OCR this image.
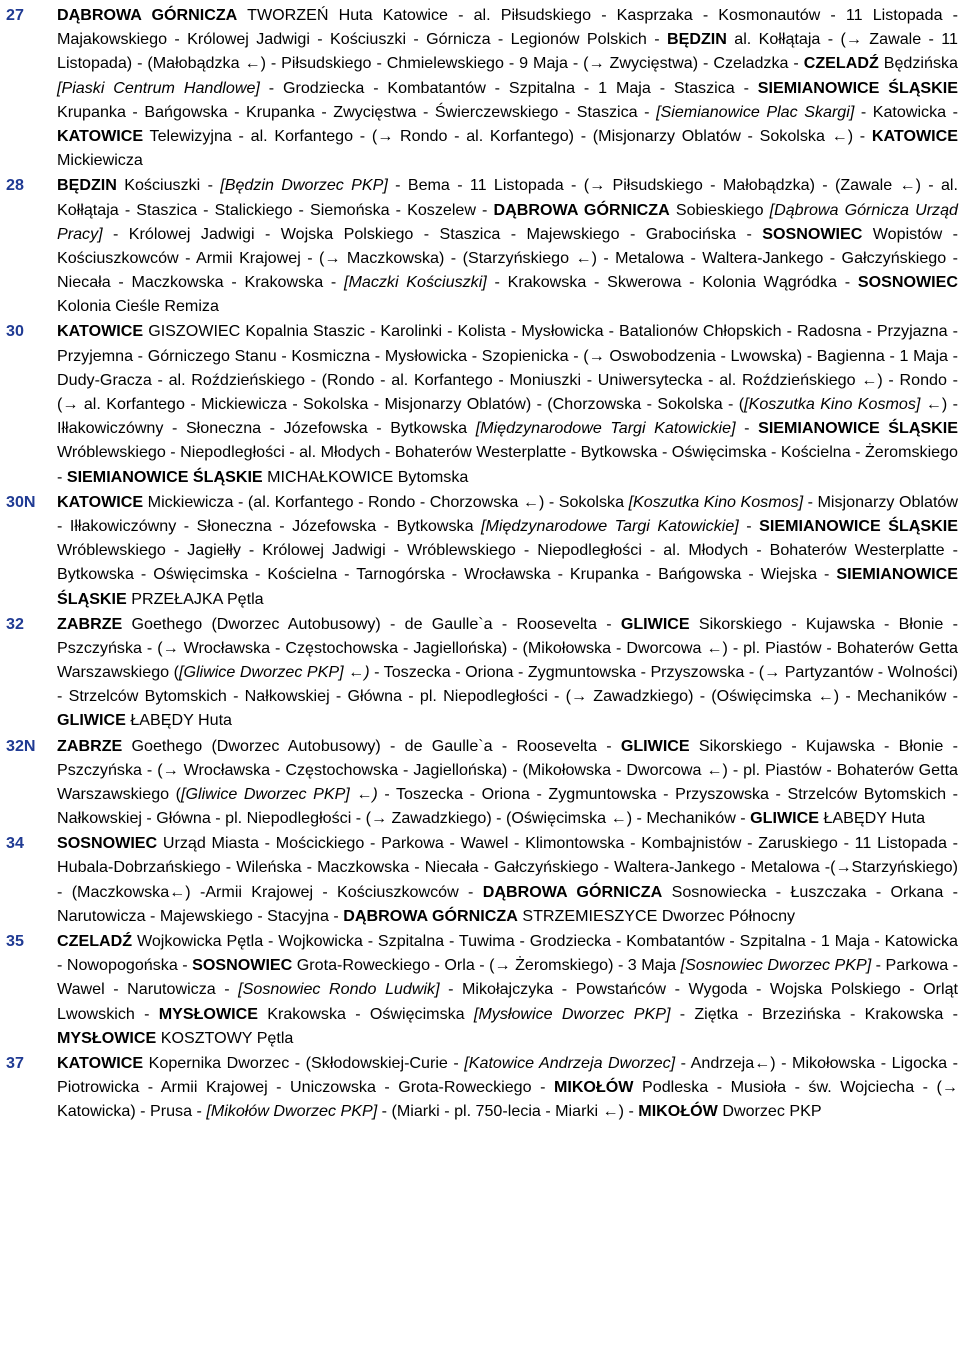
27	DĄBROWA GÓRNICZA TWORZEŃ Huta Katowice - al. Piłsudskiego - Kasprzaka - Kosmonautów - 11 Listopada - Majakowskiego - Królowej Jadwigi - Kościuszki - Górnicza - Legionów Polskich - BĘDZIN al. Kołłątaja - (→ Zawale - 11 Listopada) - (Małobądzka ←) - Piłsudskiego - Chmielewskiego - 9 Maja - (→ Zwycięstwa) - Czeladzka - CZELADŹ Będzińska [Piaski Centrum Handlowe] - Grodziecka - Kombatantów - Szpitalna - 1 Maja - Staszica - SIEMIANOWICE ŚLĄSKIE Krupanka - Bańgowska - Krupanka - Zwycięstwa - Świerczewskiego - Staszica - [Siemianowice Plac Skargi] - Katowicka - KATOWICE Telewizyjna - al. Korfantego - (→ Rondo - al. Korfantego) - (Misjonarzy Oblatów - Sokolska ←) - KATOWICE Mickiewicza
28	BĘDZIN Kościuszki - [Będzin Dworzec PKP] - Bema - 11 Listopada - (→ Piłsudskiego - Małobądzka) - (Zawale ←) - al. Kołłątaja - Staszica - Stalickiego - Siemońska - Koszelew - DĄBROWA GÓRNICZA Sobieskiego [Dąbrowa Górnicza Urząd Pracy] - Królowej Jadwigi - Wojska Polskiego - Staszica - Majewskiego - Grabocińska - SOSNOWIEC Wopistów - Kościuszkowców - Armii Krajowej - (→ Maczkowska) - (Starzyńskiego ←) - Metalowa - Waltera-Jankego - Gałczyńskiego - Niecała - Maczkowska - Krakowska - [Maczki Kościuszki] - Krakowska - Skwerowa - Kolonia Wągródka - SOSNOWIEC Kolonia Cieśle Remiza
30	KATOWICE GISZOWIEC Kopalnia Staszic - Karolinki - Kolista - Mysłowicka - Batalionów Chłopskich - Radosna - Przyjazna - Przyjemna - Górniczego Stanu - Kosmiczna - Mysłowicka - Szopienicka - (→ Oswobodzenia - Lwowska) - Bagienna - 1 Maja - Dudy-Gracza - al. Roździeńskiego - (Rondo - al. Korfantego - Moniuszki - Uniwersytecka - al. Roździeńskiego ←) - Rondo - (→ al. Korfantego - Mickiewicza - Sokolska - Misjonarzy Oblatów) - (Chorzowska - Sokolska - ([Koszutka Kino Kosmos] ←) - Iłłakowiczówny - Słoneczna - Józefowska - Bytkowska [Międzynarodowe Targi Katowickie] - SIEMIANOWICE ŚLĄSKIE Wróblewskiego - Niepodległości - al. Młodych - Bohaterów Westerplatte - Bytkowska - Oświęcimska - Kościelna - Żeromskiego - SIEMIANOWICE ŚLĄSKIE MICHAŁKOWICE Bytomska
30N	KATOWICE Mickiewicza - (al. Korfantego - Rondo - Chorzowska ←) - Sokolska [Koszutka Kino Kosmos] - Misjonarzy Oblatów - Iłłakowiczówny - Słoneczna - Józefowska - Bytkowska [Międzynarodowe Targi Katowickie] - SIEMIANOWICE ŚLĄSKIE Wróblewskiego - Jagiełły - Królowej Jadwigi - Wróblewskiego - Niepodległości - al. Młodych - Bohaterów Westerplatte - Bytkowska - Oświęcimska - Kościelna - Tarnogórska - Wrocławska - Krupanka - Bańgowska - Wiejska - SIEMIANOWICE ŚLĄSKIE PRZEŁAJKA Pętla
32	ZABRZE Goethego (Dworzec Autobusowy) - de Gaulle`a - Roosevelta - GLIWICE Sikorskiego - Kujawska - Błonie - Pszczyńska - (→ Wrocławska - Częstochowska - Jagiellońska) - (Mikołowska - Dworcowa ←) - pl. Piastów - Bohaterów Getta Warszawskiego ([Gliwice Dworzec PKP] ←) - Toszecka - Oriona - Zygmuntowska - Przyszowska - (→ Partyzantów - Wolności) - Strzelców Bytomskich - Nałkowskiej - Główna - pl. Niepodległości - (→ Zawadzkiego) - (Oświęcimska ←) - Mechaników - GLIWICE ŁABĘDY Huta
32N	ZABRZE Goethego (Dworzec Autobusowy) - de Gaulle`a - Roosevelta - GLIWICE Sikorskiego - Kujawska - Błonie - Pszczyńska - (→ Wrocławska - Częstochowska - Jagiellońska) - (Mikołowska - Dworcowa ←) - pl. Piastów - Bohaterów Getta Warszawskiego ([Gliwice Dworzec PKP] ←) - Toszecka - Oriona - Zygmuntowska - Przyszowska - Strzelców Bytomskich - Nałkowskiej - Główna - pl. Niepodległości - (→ Zawadzkiego) - (Oświęcimska ←) - Mechaników - GLIWICE ŁABĘDY Huta
34	SOSNOWIEC Urząd Miasta - Mościckiego - Parkowa - Wawel - Klimontowska - Kombajnistów - Zaruskiego - 11 Listopada - Hubala-Dobrzańskiego - Wileńska - Maczkowska - Niecała - Gałczyńskiego - Waltera-Jankego - Metalowa -(→Starzyńskiego) - (Maczkowska←) -Armii Krajowej - Kościuszkowców - DĄBROWA GÓRNICZA Sosnowiecka - Łuszczaka - Orkana - Narutowicza - Majewskiego - Stacyjna - DĄBROWA GÓRNICZA STRZEMIESZYCE Dworzec Północny
35	CZELADŹ Wojkowicka Pętla - Wojkowicka - Szpitalna - Tuwima - Grodziecka - Kombatantów - Szpitalna - 1 Maja - Katowicka - Nowopogońska - SOSNOWIEC Grota-Roweckiego - Orla - (→ Żeromskiego) - 3 Maja [Sosnowiec Dworzec PKP] - Parkowa - Wawel - Narutowicza - [Sosnowiec Rondo Ludwik] - Mikołajczyka - Powstańców - Wygoda - Wojska Polskiego - Orląt Lwowskich - MYSŁOWICE Krakowska - Oświęcimska [Mysłowice Dworzec PKP] - Ziętka - Brzezińska - Krakowska - MYSŁOWICE KOSZTOWY Pętla
37	KATOWICE Kopernika Dworzec - (Skłodowskiej-Curie - [Katowice Andrzeja Dworzec] - Andrzeja←) - Mikołowska - Ligocka - Piotrowicka - Armii Krajowej - Uniczowska - Grota-Roweckiego - MIKOŁÓW Podleska - Musioła - św. Wojciecha - (→ Katowicka) - Prusa - [Mikołów Dworzec PKP] - (Miarki - pl. 750-lecia - Miarki ←) - MIKOŁÓW Dworzec PKP
